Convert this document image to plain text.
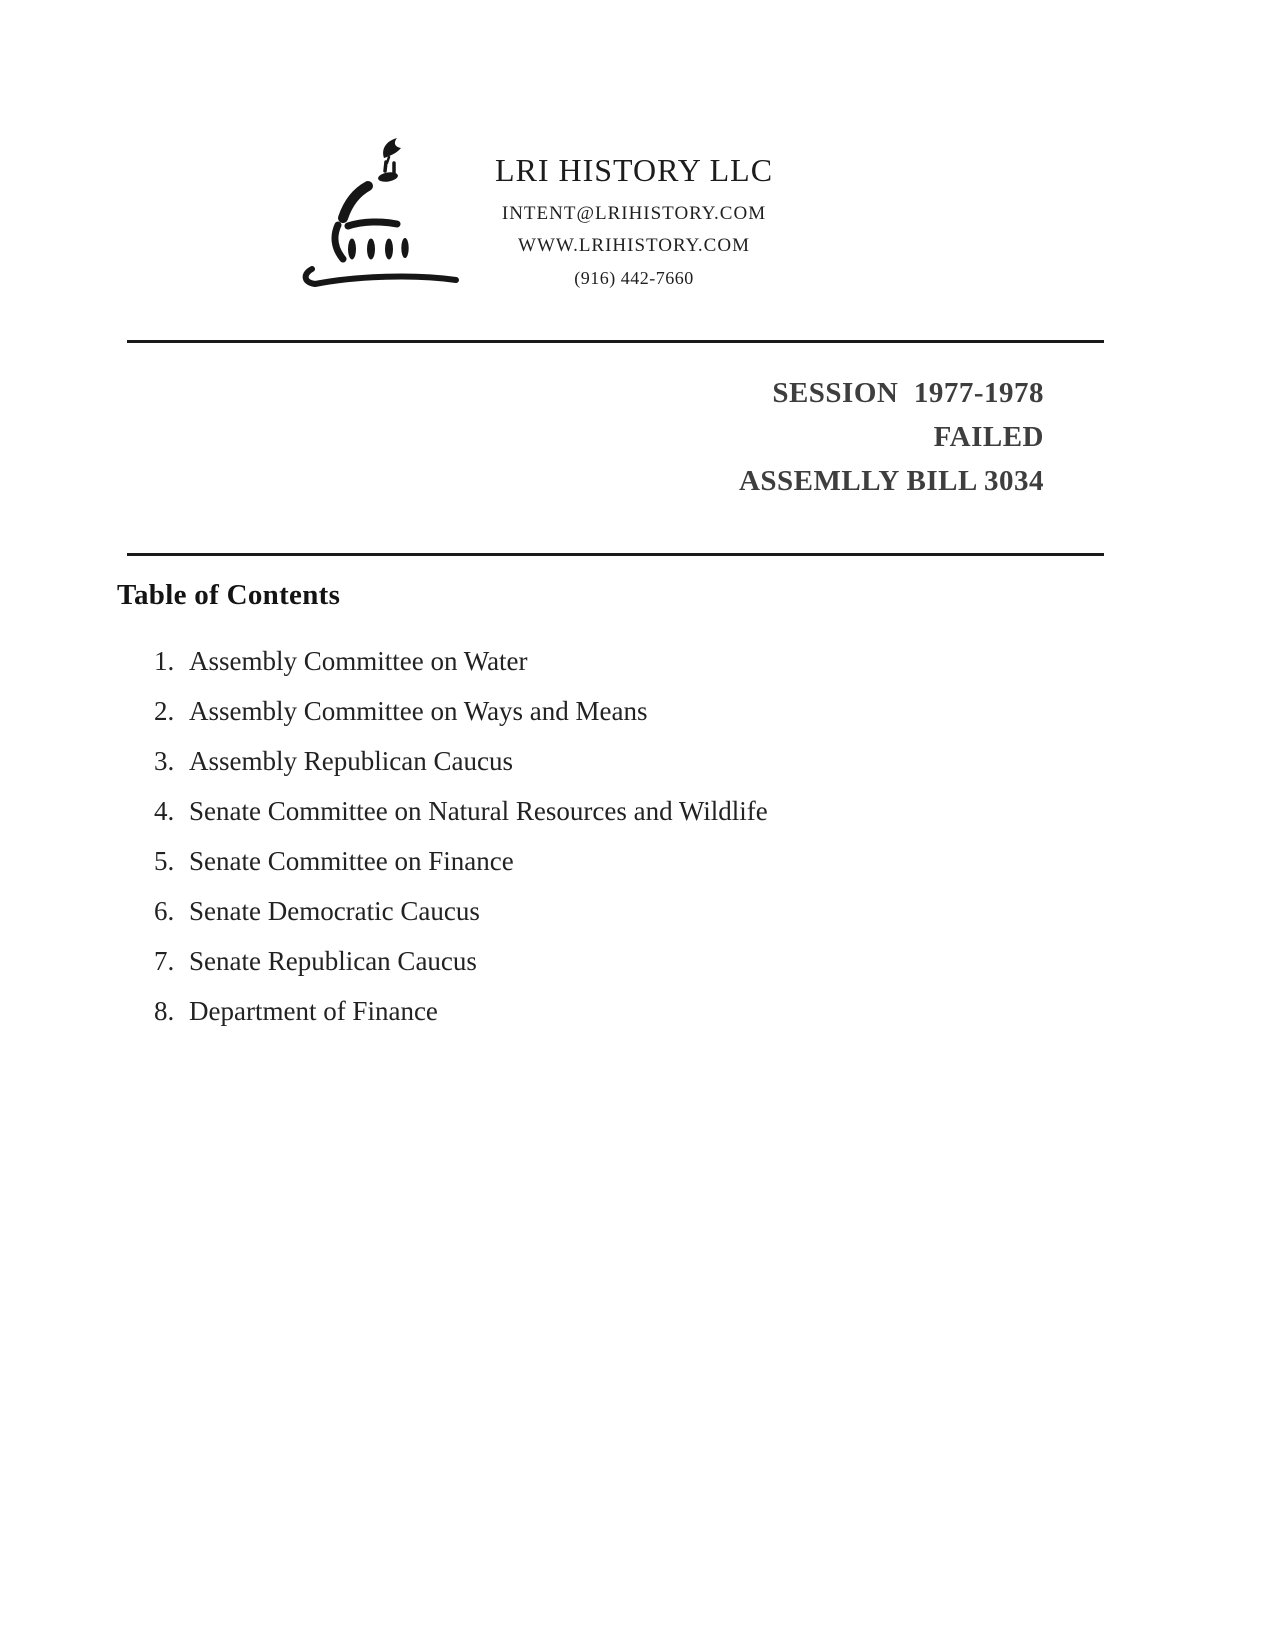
LRI HISTORY LLC
INTENT@LRIHISTORY.COM
WWW.LRIHISTORY.COM
(916) 442-7660
SESSION  1977-1978
FAILED
ASSEMLLY BILL 3034
Table of Contents
1. Assembly Committee on Water
2. Assembly Committee on Ways and Means
3. Assembly Republican Caucus
4. Senate Committee on Natural Resources and Wildlife
5. Senate Committee on Finance
6. Senate Democratic Caucus
7. Senate Republican Caucus
8. Department of Finance
